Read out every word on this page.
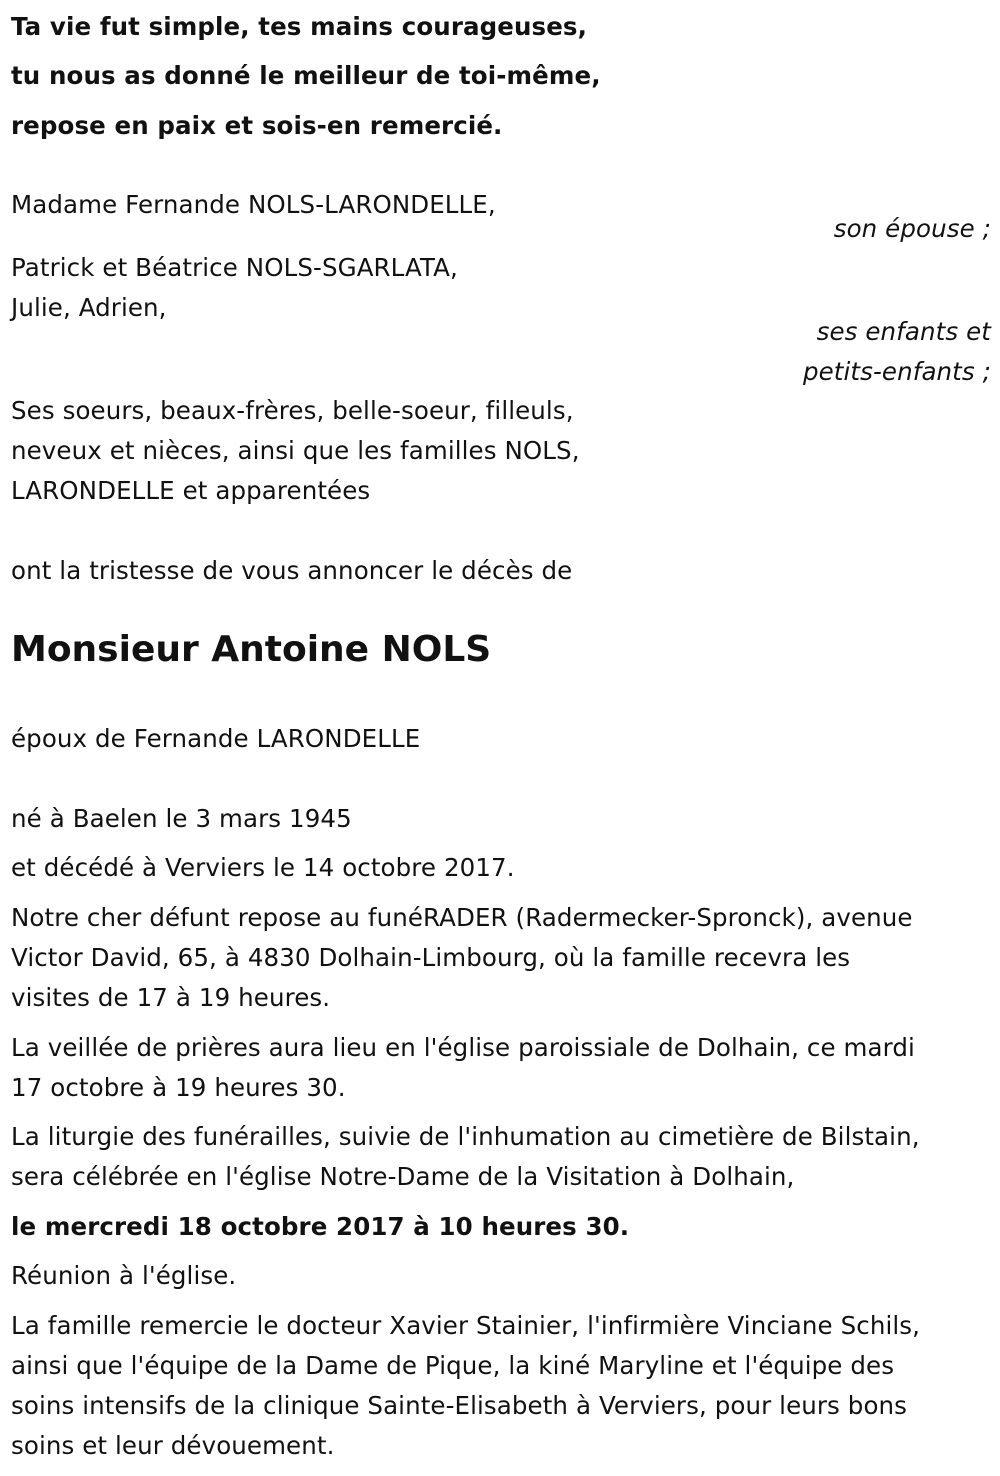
Ta vie fut simple, tes mains courageuses,
tu nous as donné le meilleur de toi-même,
repose en paix et sois-en remercié.
Madame Fernande NOLS-LARONDELLE,
son épouse ;
Patrick et Béatrice NOLS-SGARLATA,
Julie, Adrien,
ses enfants et
petits-enfants ;
Ses soeurs, beaux-frères, belle-soeur, filleuls,
neveux et nièces, ainsi que les familles NOLS,
LARONDELLE et apparentées
ont la tristesse de vous annoncer le décès de
Monsieur Antoine NOLS
époux de Fernande LARONDELLE
né à Baelen le 3 mars 1945
et décédé à Verviers le 14 octobre 2017.
Notre cher défunt repose au funéRADER (Radermecker-Spronck), avenue
Victor David, 65, à 4830 Dolhain-Limbourg, où la famille recevra les
visites de 17 à 19 heures.
La veillée de prières aura lieu en l'église paroissiale de Dolhain, ce mardi
17 octobre à 19 heures 30.
La liturgie des funérailles, suivie de l'inhumation au cimetière de Bilstain,
sera célébrée en l'église Notre-Dame de la Visitation à Dolhain,
le mercredi 18 octobre 2017 à 10 heures 30.
Réunion à l'église.
La famille remercie le docteur Xavier Stainier, l'infirmière Vinciane Schils,
ainsi que l'équipe de la Dame de Pique, la kiné Maryline et l'équipe des
soins intensifs de la clinique Sainte-Elisabeth à Verviers, pour leurs bons
soins et leur dévouement.
